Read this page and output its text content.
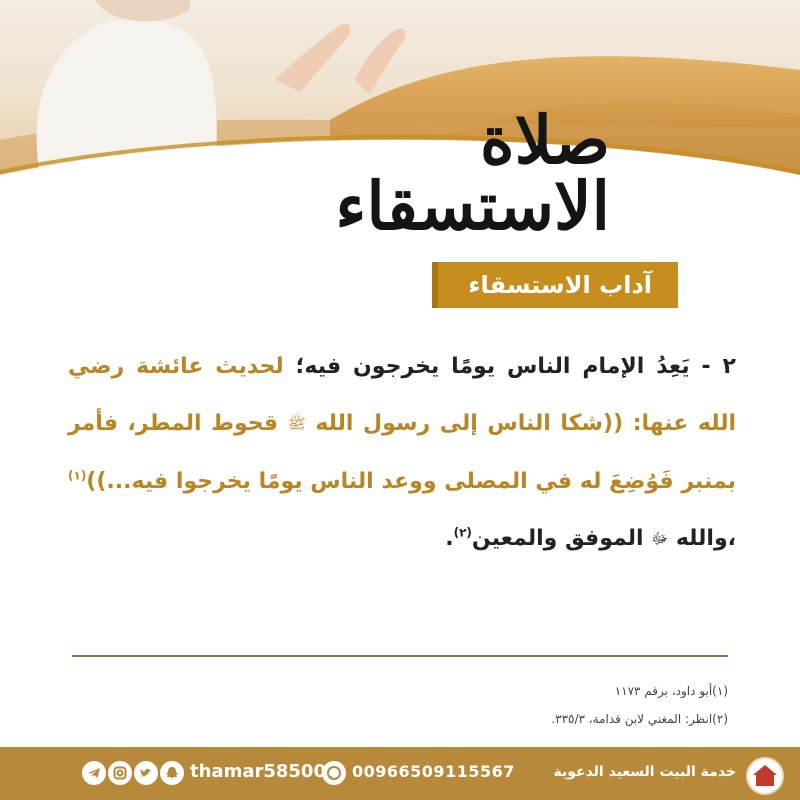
صلاة الاستسقاء
آداب الاستسقاء
٢ - يَعِدُ الإمام الناس يومًا يخرجون فيه؛ لحديث عائشة رضي الله عنها: ((شكا الناس إلى رسول الله ﷺ قحوط المطر، فأمر بمنبر فَوُضِعَ له في المصلى ووعد الناس يومًا يخرجوا فيه...))$^{(١)}$ ،والله ﷻ الموفق والمعين$^{(٢)}$.
(١)أبو داود، برقم ١١٧٣
(٢)انظر: المغني لابن قدامة، ٣٣٥/٣.
خدمة البيت السعيد الدعوية
00966509115567
thamar58500
